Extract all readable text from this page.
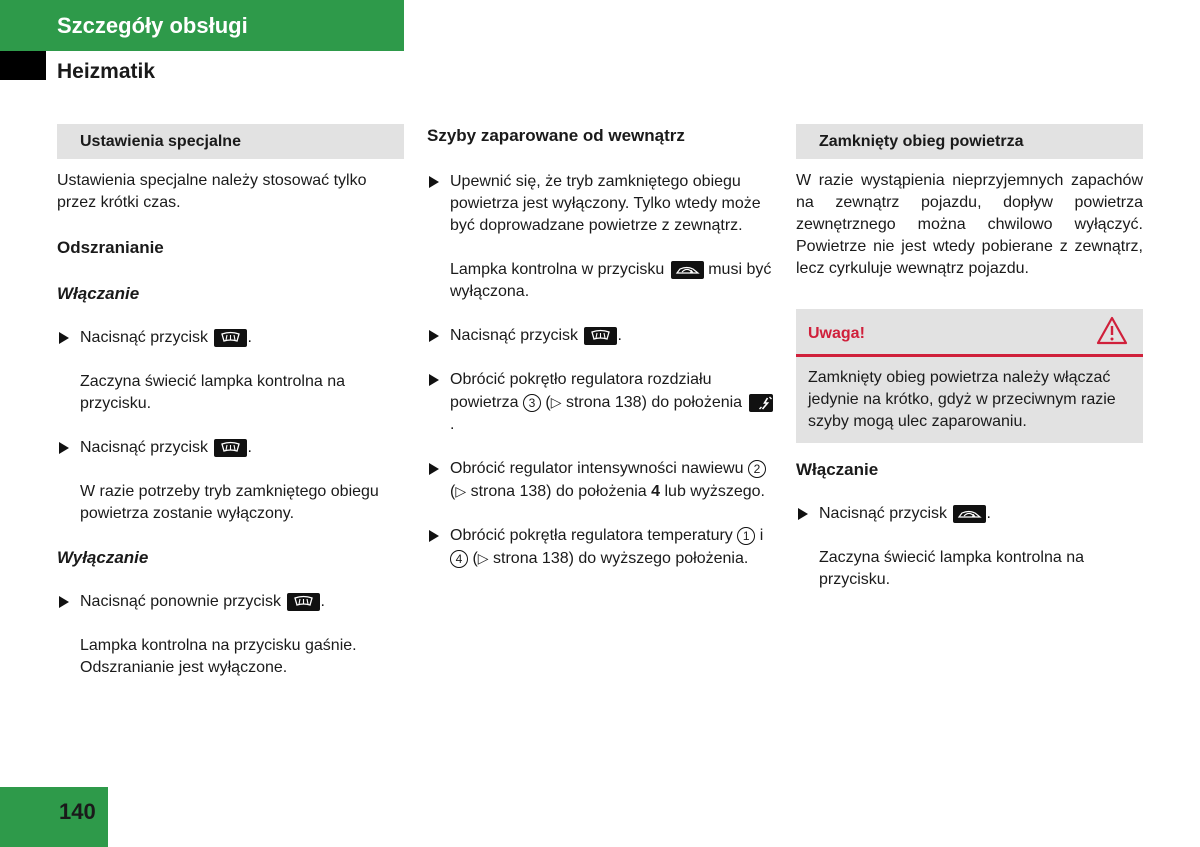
Szczegóły obsługi
Heizmatik
Ustawienia specjalne

Ustawienia specjalne należy stosować tylko przez krótki czas.

Odszranianie

Włączanie

Nacisnąć przycisk .

Zaczyna świecić lampka kontrolna na przycisku.

Nacisnąć przycisk .

W razie potrzeby tryb zamkniętego obiegu powietrza zostanie wyłączony.

Wyłączanie

Nacisnąć ponownie przycisk .

Lampka kontrolna na przycisku gaśnie. Odszranianie jest wyłączone.

Szyby zaparowane od wewnątrz

Upewnić się, że tryb zamkniętego obiegu powietrza jest wyłączony. Tylko wtedy może być doprowadzane powietrze z zewnątrz.

Lampka kontrolna w przycisku	musi być wyłączona.

Nacisnąć przycisk .

Obrócić pokrętło regulatora rozdziału powietrza 3 (▷ strona 138) do położenia
.

Obrócić regulator intensywności nawiewu 2 (▷ strona 138) do położenia 4 lub wyższego.

Obrócić pokrętła regulatora temperatury 1 i 4 (▷ strona 138) do wyższego położenia.

Zamknięty obieg powietrza

W razie wystąpienia nieprzyjemnych zapachów na zewnątrz pojazdu, dopływ powietrza zewnętrznego można chwilowo wyłączyć. Powietrze nie jest wtedy pobierane z zewnątrz, lecz cyrkuluje wewnątrz pojazdu.

Uwaga!
Zamknięty obieg powietrza należy włączać jedynie na krótko, gdyż w przeciwnym razie szyby mogą ulec zaparowaniu.

Włączanie

Nacisnąć przycisk .

Zaczyna świecić lampka kontrolna na przycisku.

140
